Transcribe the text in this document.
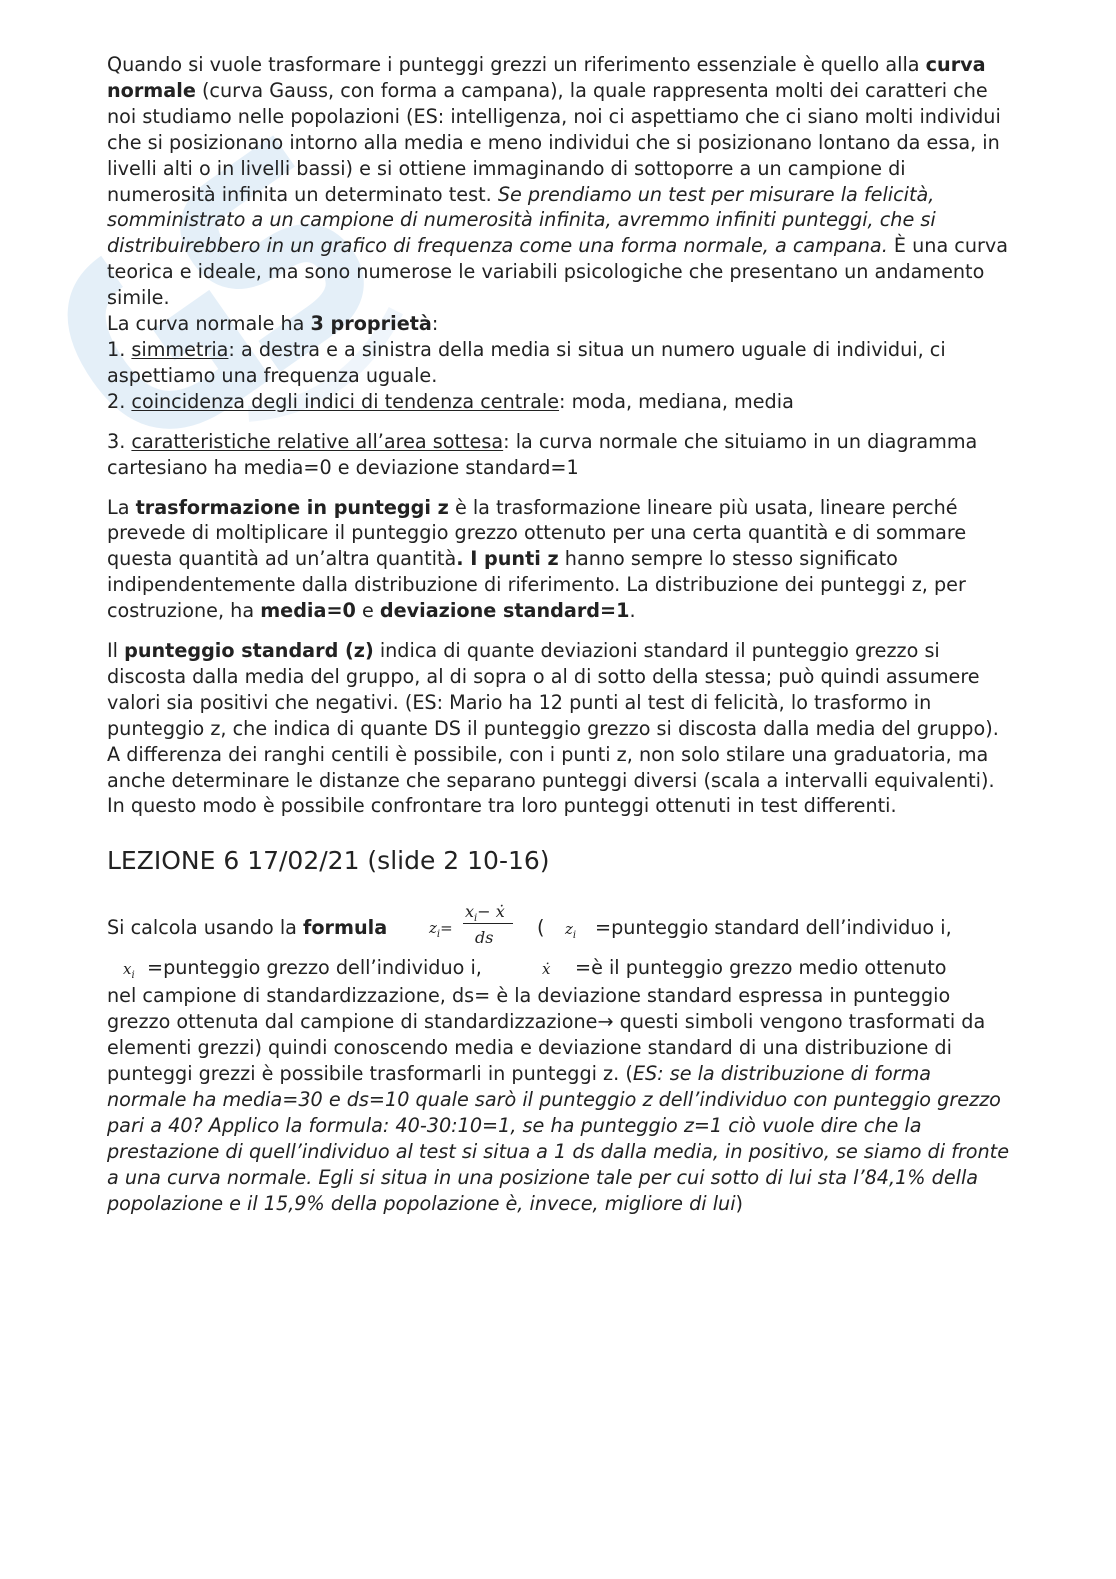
Quando si vuole trasformare i punteggi grezzi un riferimento essenziale è quello alla curva normale (curva Gauss, con forma a campana), la quale rappresenta molti dei caratteri che noi studiamo nelle popolazioni (ES: intelligenza, noi ci aspettiamo che ci siano molti individui che si posizionano intorno alla media e meno individui che si posizionano lontano da essa, in livelli alti o in livelli bassi) e si ottiene immaginando di sottoporre a un campione di numerosità infinita un determinato test. Se prendiamo un test per misurare la felicità, somministrato a un campione di numerosità infinita, avremmo infiniti punteggi, che si distribuirebbero in un grafico di frequenza come una forma normale, a campana. È una curva teorica e ideale, ma sono numerose le variabili psicologiche che presentano un andamento simile.

La curva normale ha 3 proprietà:

1. simmetria: a destra e a sinistra della media si situa un numero uguale di individui, ci aspettiamo una frequenza uguale.

2. coincidenza degli indici di tendenza centrale: moda, mediana, media

3. caratteristiche relative all’area sottesa: la curva normale che situiamo in un diagramma cartesiano ha media=0 e deviazione standard=1

La trasformazione in punteggi z è la trasformazione lineare più usata, lineare perché prevede di moltiplicare il punteggio grezzo ottenuto per una certa quantità e di sommare questa quantità ad un’altra quantità. I punti z hanno sempre lo stesso significato indipendentemente dalla distribuzione di riferimento. La distribuzione dei punteggi z, per costruzione, ha media=0 e deviazione standard=1.

Il punteggio standard (z) indica di quante deviazioni standard il punteggio grezzo si discosta dalla media del gruppo, al di sopra o al di sotto della stessa; può quindi assumere valori sia positivi che negativi. (ES: Mario ha 12 punti al test di felicità, lo trasformo in punteggio z, che indica di quante DS il punteggio grezzo si discosta dalla media del gruppo). A differenza dei ranghi centili è possibile, con i punti z, non solo stilare una graduatoria, ma anche determinare le distanze che separano punteggi diversi (scala a intervalli equivalenti). In questo modo è possibile confrontare tra loro punteggi ottenuti in test differenti.

LEZIONE 6 17/02/21 (slide 2 10-16)
Si calcola usando la formula	$z_i=$
$x_i-$ ẋ
ds ( $z_i$ =punteggio standard dell’individuo i,
$x_i$ =punteggio grezzo dell’individuo i,	ẋ =è il punteggio grezzo medio ottenuto

nel campione di standardizzazione, ds= è la deviazione standard espressa in punteggio grezzo ottenuta dal campione di standardizzazione→ questi simboli vengono trasformati da elementi grezzi) quindi conoscendo media e deviazione standard di una distribuzione di punteggi grezzi è possibile trasformarli in punteggi z. (ES: se la distribuzione di forma normale ha media=30 e ds=10 quale sarò il punteggio z dell’individuo con punteggio grezzo pari a 40? Applico la formula: 40-30:10=1, se ha punteggio z=1 ciò vuole dire che la prestazione di quell’individuo al test si situa a 1 ds dalla media, in positivo, se siamo di fronte a una curva normale. Egli si situa in una posizione tale per cui sotto di lui sta l’84,1% della popolazione e il 15,9% della popolazione è, invece, migliore di lui)
